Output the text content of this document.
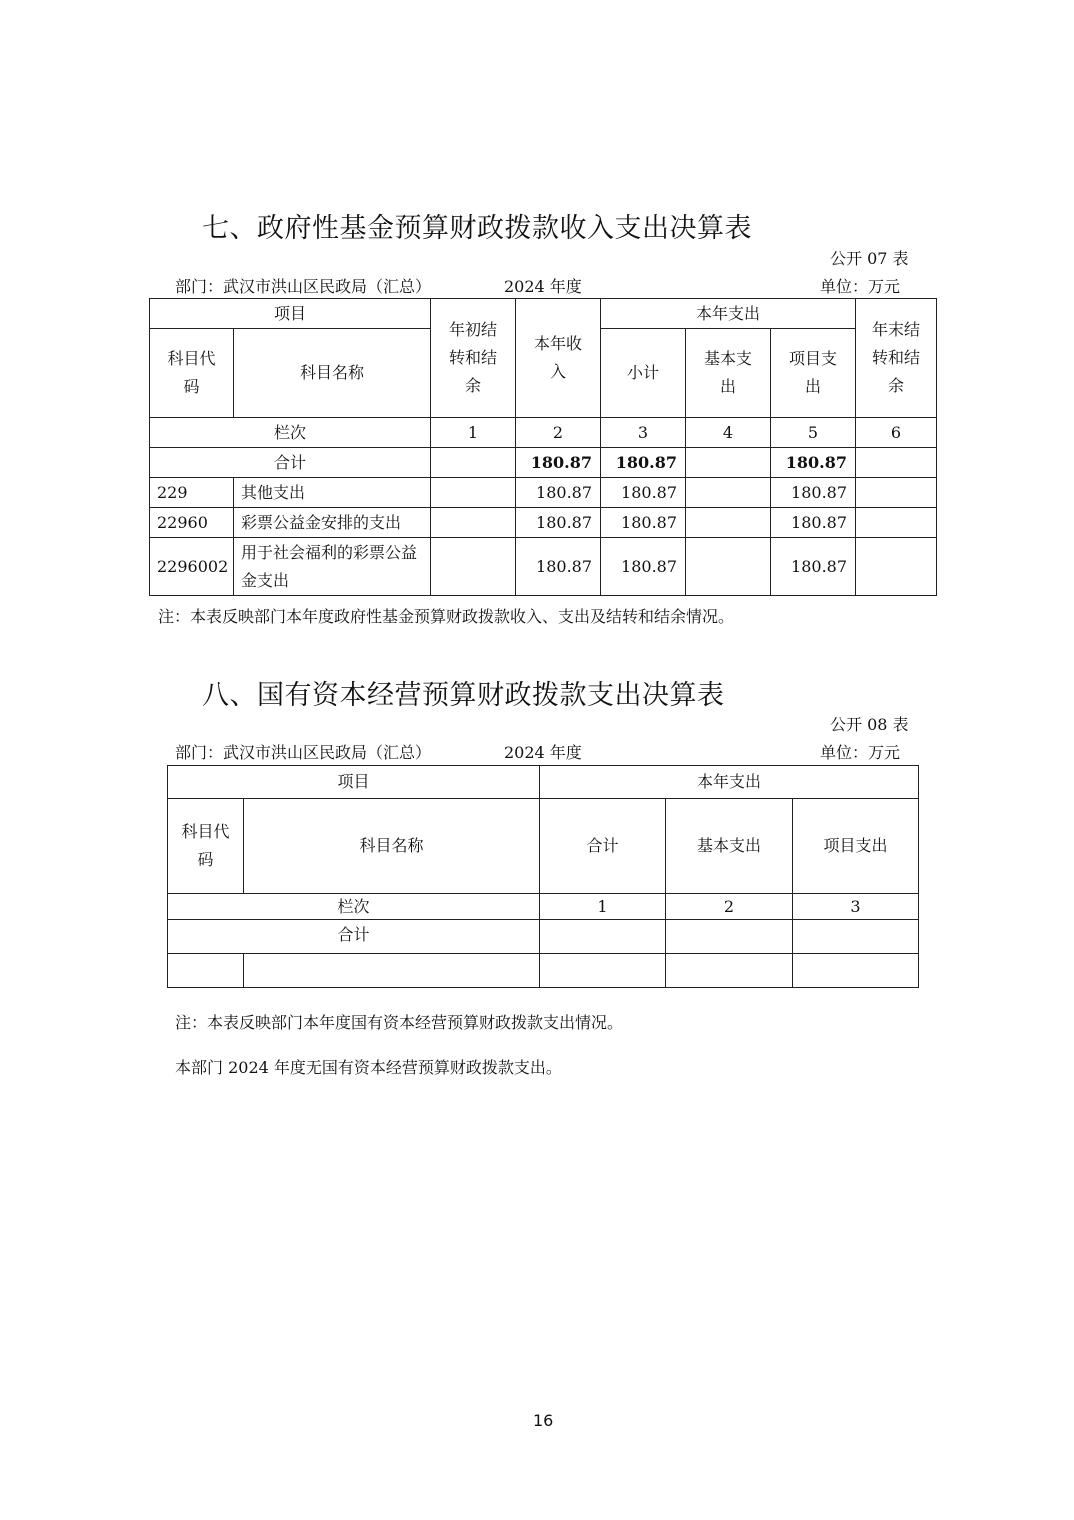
七、政府性基金预算财政拨款收入支出决算表
公开 07 表
部门：武汉市洪山区民政局（汇总）	2024 年度	单位：万元
项目		年初结转和结余	本年收入	本年支出			年末结转和结余
科目代码	科目名称			小计	基本支出	项目支出	
栏次		1	2	3	4	5	6
合计			180.87	180.87		180.87	
229	其他支出		180.87	180.87		180.87	
22960	彩票公益金安排的支出		180.87	180.87		180.87	
2296002	用于社会福利的彩票公益金支出		180.87	180.87		180.87	
注：本表反映部门本年度政府性基金预算财政拨款收入、支出及结转和结余情况。
八、国有资本经营预算财政拨款支出决算表
公开 08 表
部门：武汉市洪山区民政局（汇总）	2024 年度	单位：万元
项目		本年支出		
科目代码	科目名称	合计	基本支出	项目支出
栏次		1	2	3
合计				

注：本表反映部门本年度国有资本经营预算财政拨款支出情况。
本部门 2024 年度无国有资本经营预算财政拨款支出。
16
